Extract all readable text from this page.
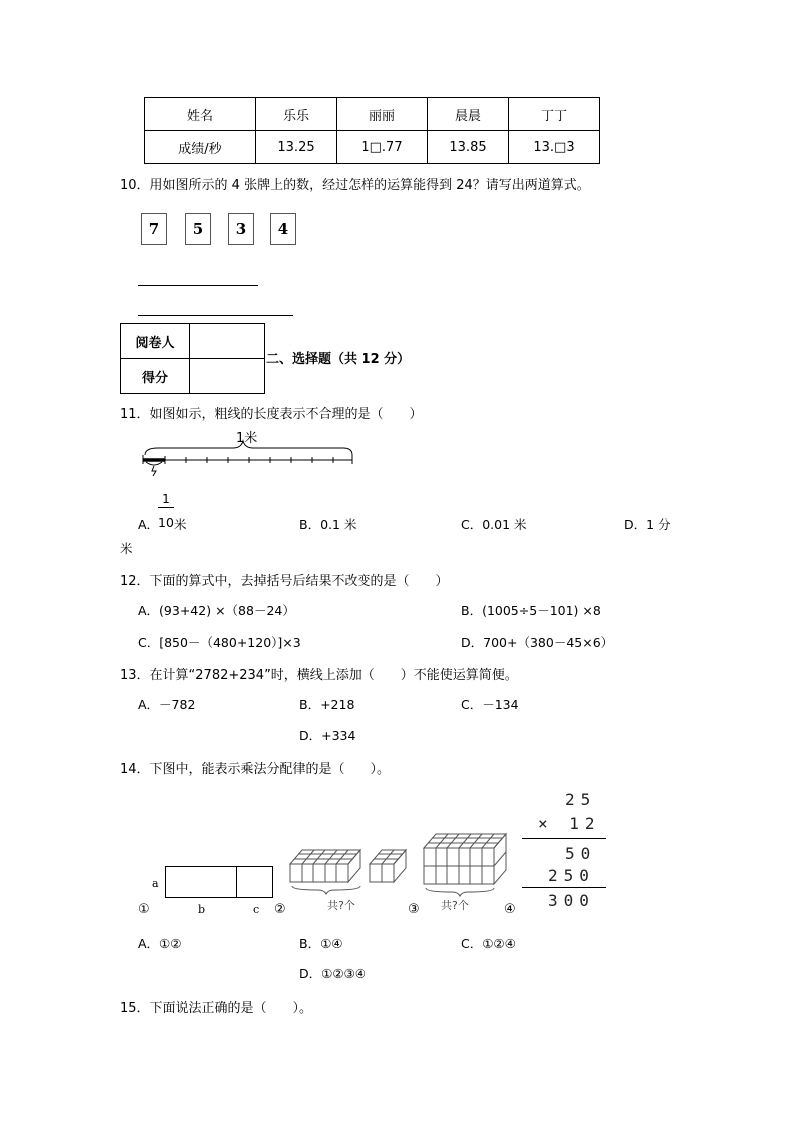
姓名	乐乐	丽丽	晨晨	丁丁
成绩/秒	13.25	1□.77	13.85	13.□3
10．用如图所示的 4 张牌上的数，经过怎样的运算能得到 24？请写出两道算式。
7	5	3	4
阅卷人	
得分	
二、选择题（共 12 分）
11．如图如示，粗线的长度表示不合理的是（　　）
1米
1
A．
10 米	B．0.1 米	C．0.01 米	D．1 分
米
12．下面的算式中，去掉括号后结果不改变的是（　　）
A．(93+42) ×（88－24）	B．(1005÷5－101) ×8
C．[850－（480+120）]×3	D．700+（380－45×6）
13．在计算“2782+234”时，横线上添加（　　）不能使运算简便。
A．－782	B．+218	C．－134
D．+334
14．下图中，能表示乘法分配律的是（　　）。
a
①	b	c ②	共?个	③ 共?个	④
25
× 12
50
250
300
A．①②	B．①④	C．①②④
D．①②③④
15．下面说法正确的是（　　）。
